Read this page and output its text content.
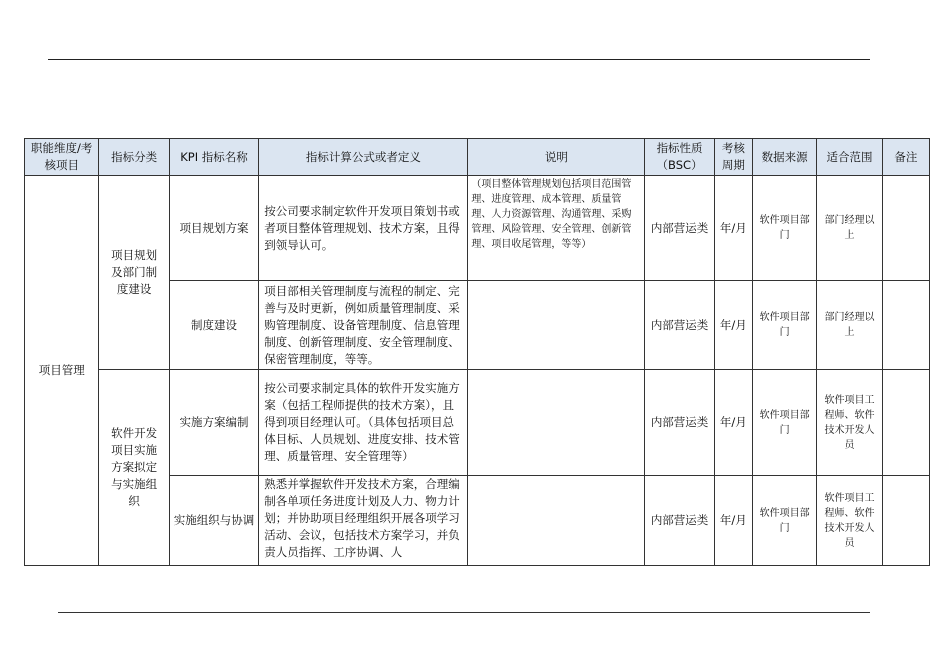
职能维度/考核项目	指标分类	KPI 指标名称	指标计算公式或者定义	说明	指标性质（BSC）	考核周期	数据来源	适合范围	备注
项目管理	项目规划及部门制度建设	项目规划方案	按公司要求制定软件开发项目策划书或者项目整体管理规划、技术方案，且得到领导认可。	（项目整体管理规划包括项目范围管理、进度管理、成本管理、质量管理、人力资源管理、沟通管理、采购管理、风险管理、安全管理、创新管理、项目收尾管理，等等）	内部营运类	年/月	软件项目部门	部门经理以上	
		制度建设	项目部相关管理制度与流程的制定、完善与及时更新，例如质量管理制度、采购管理制度、设备管理制度、信息管理制度、创新管理制度、安全管理制度、保密管理制度，等等。		内部营运类	年/月	软件项目部门	部门经理以上	
	软件开发项目实施方案拟定与实施组织	实施方案编制	按公司要求制定具体的软件开发实施方案（包括工程师提供的技术方案），且得到项目经理认可。（具体包括项目总体目标、人员规划、进度安排、技术管理、质量管理、安全管理等）		内部营运类	年/月	软件项目部门	软件项目工程师、软件技术开发人员	
		实施组织与协调	熟悉并掌握软件开发技术方案，合理编制各单项任务进度计划及人力、物力计划；并协助项目经理组织开展各项学习活动、会议，包括技术方案学习，并负责人员指挥、工序协调、人		内部营运类	年/月	软件项目部门	软件项目工程师、软件技术开发人员	
